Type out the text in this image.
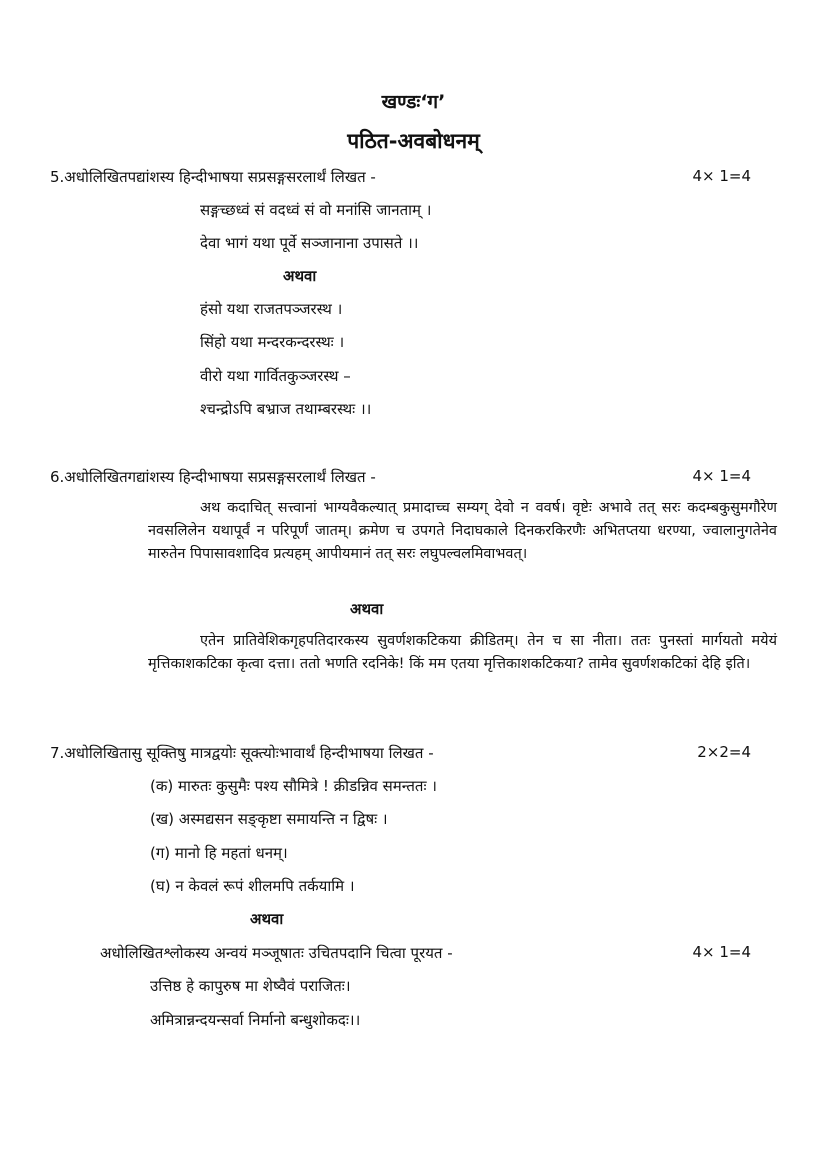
खण्डः‘ग’
पठित-अवबोधनम्
5.अधोलिखितपद्यांशस्य हिन्दीभाषया सप्रसङ्गसरलार्थं लिखत -	4× 1=4
सङ्गच्छध्वं सं वदध्वं सं वो मनांसि जानताम् ।
देवा भागं यथा पूर्वे सञ्जानाना उपासते ।।
अथवा
हंसो यथा राजतपञ्जरस्थ ।
सिंहो यथा मन्दरकन्दरस्थः ।
वीरो यथा गार्वितकुञ्जरस्थ –
श्चन्द्रोऽपि बभ्राज तथाम्बरस्थः ।।
6.अधोलिखितगद्यांशस्य हिन्दीभाषया सप्रसङ्गसरलार्थं लिखत -	4× 1=4
अथ कदाचित् सत्त्वानां भाग्यवैकल्यात् प्रमादाच्च सम्यग् देवो न ववर्ष। वृष्टेः अभावे तत् सरः कदम्बकुसुमगौरेण नवसलिलेन यथापूर्वं न परिपूर्णं जातम्। क्रमेण च उपगते निदाघकाले दिनकरकिरणैः अभितप्तया धरण्या, ज्वालानुगतेनेव मारुतेन पिपासावशादिव प्रत्यहम् आपीयमानं तत् सरः लघुपल्वलमिवाभवत्।
अथवा
एतेन प्रातिवेशिकगृहपतिदारकस्य सुवर्णशकटिकया क्रीडितम्। तेन च सा नीता। ततः पुनस्तां मार्गयतो मयेयं मृत्तिकाशकटिका कृत्वा दत्ता। ततो भणति रदनिके! किं मम एतया मृत्तिकाशकटिकया? तामेव सुवर्णशकटिकां देहि इति।
7.अधोलिखितासु सूक्तिषु मात्रद्वयोः सूक्त्योःभावार्थं हिन्दीभाषया लिखत -	2×2=4
(क) मारुतः कुसुमैः पश्य सौमित्रे ! क्रीडन्निव समन्ततः ।
(ख) अस्मद्यसन सङ्कृष्टा समायन्ति न द्विषः ।
(ग) मानो हि महतां धनम्।
(घ) न केवलं रूपं शीलमपि तर्कयामि ।
अथवा
अधोलिखितश्लोकस्य अन्वयं मञ्जूषातः उचितपदानि चित्वा पूरयत -	4× 1=4
उत्तिष्ठ हे कापुरुष मा शेष्वैवं पराजितः।
अमित्रान्नन्दयन्सर्वा निर्मानो बन्धुशोकदः।।
